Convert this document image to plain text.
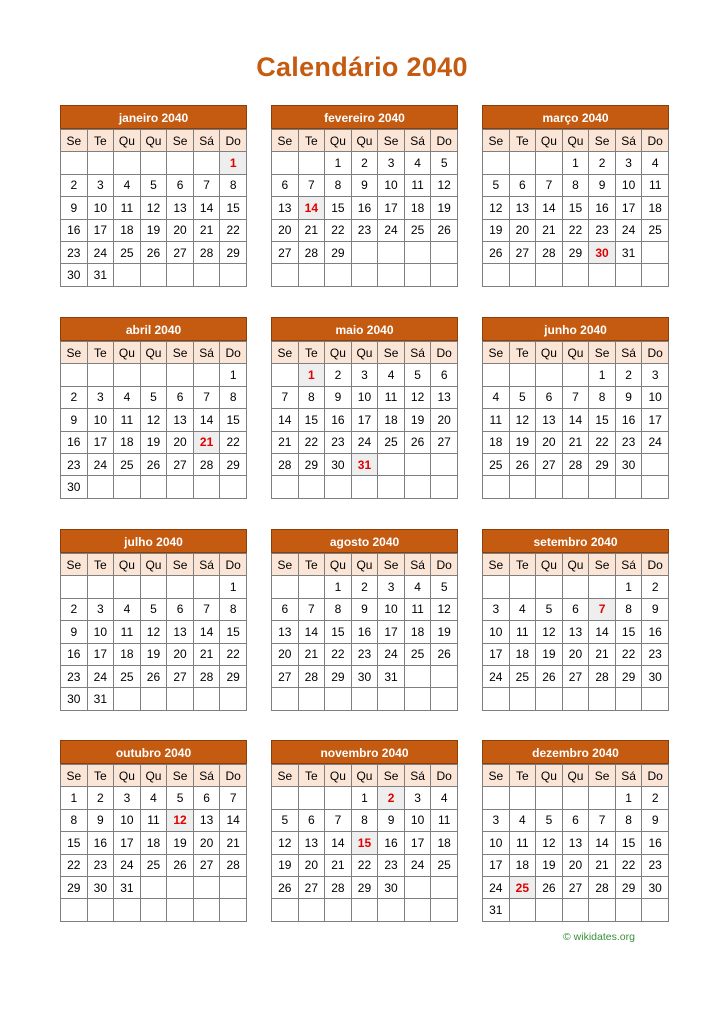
Calendário 2040
janeiro 2040
Se	Te	Qu	Qu	Se	Sá	Do
						1
2	3	4	5	6	7	8
9	10	11	12	13	14	15
16	17	18	19	20	21	22
23	24	25	26	27	28	29
30	31					
fevereiro 2040
Se	Te	Qu	Qu	Se	Sá	Do
		1	2	3	4	5
6	7	8	9	10	11	12
13	14	15	16	17	18	19
20	21	22	23	24	25	26
27	28	29				

março 2040
Se	Te	Qu	Qu	Se	Sá	Do
			1	2	3	4
5	6	7	8	9	10	11
12	13	14	15	16	17	18
19	20	21	22	23	24	25
26	27	28	29	30	31	

abril 2040
Se	Te	Qu	Qu	Se	Sá	Do
						1
2	3	4	5	6	7	8
9	10	11	12	13	14	15
16	17	18	19	20	21	22
23	24	25	26	27	28	29
30						
maio 2040
Se	Te	Qu	Qu	Se	Sá	Do
	1	2	3	4	5	6
7	8	9	10	11	12	13
14	15	16	17	18	19	20
21	22	23	24	25	26	27
28	29	30	31			

junho 2040
Se	Te	Qu	Qu	Se	Sá	Do
				1	2	3
4	5	6	7	8	9	10
11	12	13	14	15	16	17
18	19	20	21	22	23	24
25	26	27	28	29	30	

julho 2040
Se	Te	Qu	Qu	Se	Sá	Do
						1
2	3	4	5	6	7	8
9	10	11	12	13	14	15
16	17	18	19	20	21	22
23	24	25	26	27	28	29
30	31					
agosto 2040
Se	Te	Qu	Qu	Se	Sá	Do
		1	2	3	4	5
6	7	8	9	10	11	12
13	14	15	16	17	18	19
20	21	22	23	24	25	26
27	28	29	30	31		

setembro 2040
Se	Te	Qu	Qu	Se	Sá	Do
					1	2
3	4	5	6	7	8	9
10	11	12	13	14	15	16
17	18	19	20	21	22	23
24	25	26	27	28	29	30

outubro 2040
Se	Te	Qu	Qu	Se	Sá	Do
1	2	3	4	5	6	7
8	9	10	11	12	13	14
15	16	17	18	19	20	21
22	23	24	25	26	27	28
29	30	31				

novembro 2040
Se	Te	Qu	Qu	Se	Sá	Do
			1	2	3	4
5	6	7	8	9	10	11
12	13	14	15	16	17	18
19	20	21	22	23	24	25
26	27	28	29	30		

dezembro 2040
Se	Te	Qu	Qu	Se	Sá	Do
					1	2
3	4	5	6	7	8	9
10	11	12	13	14	15	16
17	18	19	20	21	22	23
24	25	26	27	28	29	30
31						
© wikidates.org
